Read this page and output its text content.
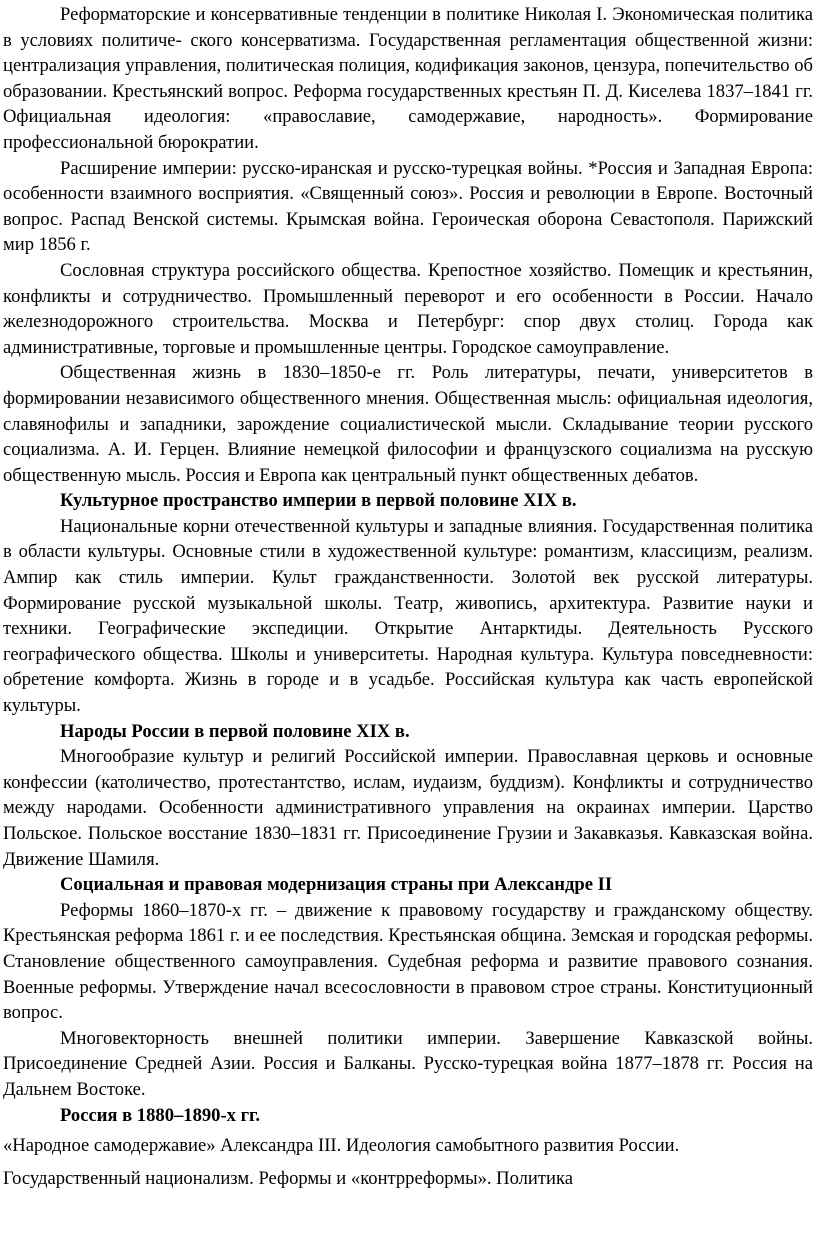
Реформаторские и консервативные тенденции в политике Николая I. Экономическая политика в условиях политиче- ского консерватизма. Государственная регламентация общественной жизни: централизация управления, политическая полиция, кодификация законов, цензура, попечительство об образовании. Крестьянский вопрос. Реформа государственных крестьян П. Д. Киселева 1837–1841 гг. Официальная идеология: «православие, самодержавие, народность». Формирование профессиональной бюрократии.

Расширение империи: русско-иранская и русско-турецкая войны. *Россия и Западная Европа: особенности взаимного восприятия. «Священный союз». Россия и революции в Европе. Восточный вопрос. Распад Венской системы. Крымская война. Героическая оборона Севастополя. Парижский мир 1856 г.

Сословная структура российского общества. Крепостное хозяйство. Помещик и крестьянин, конфликты и сотрудничество. Промышленный переворот и его особенности в России. Начало железнодорожного строительства. Москва и Петербург: спор двух столиц. Города как административные, торговые и промышленные центры. Городское самоуправление.

Общественная жизнь в 1830–1850-е гг. Роль литературы, печати, университетов в формировании независимого общественного мнения. Общественная мысль: официальная идеология, славянофилы и западники, зарождение социалистической мысли. Складывание теории русского социализма. А. И. Герцен. Влияние немецкой философии и французского социализма на русскую общественную мысль. Россия и Европа как центральный пункт общественных дебатов.

Культурное пространство империи в первой половине XIX в.

Национальные корни отечественной культуры и западные влияния. Государственная политика в области культуры. Основные стили в художественной культуре: романтизм, классицизм, реализм. Ампир как стиль империи. Культ гражданственности. Золотой век русской литературы. Формирование русской музыкальной школы. Театр, живопись, архитектура. Развитие науки и техники. Географические экспедиции. Открытие Антарктиды. Деятельность Русского географического общества. Школы и университеты. Народная культура. Культура повседневности: обретение комфорта. Жизнь в городе и в усадьбе. Российская культура как часть европейской культуры.

Народы России в первой половине XIX в.

Многообразие культур и религий Российской империи. Православная церковь и основные конфессии (католичество, протестантство, ислам, иудаизм, буддизм). Конфликты и сотрудничество между народами. Особенности административного управления на окраинах империи. Царство Польское. Польское восстание 1830–1831 гг. Присоединение Грузии и Закавказья. Кавказская война. Движение Шамиля.

Социальная и правовая модернизация страны при Александре II

Реформы 1860–1870-х гг. – движение к правовому государству и гражданскому обществу. Крестьянская реформа 1861 г. и ее последствия. Крестьянская община. Земская и городская реформы. Становление общественного самоуправления. Судебная реформа и развитие правового сознания. Военные реформы. Утверждение начал всесословности в правовом строе страны. Конституционный вопрос.

Многовекторность внешней политики империи. Завершение Кавказской войны. Присоединение Средней Азии. Россия и Балканы. Русско-турецкая война 1877–1878 гг. Россия на Дальнем Востоке.

Россия в 1880–1890-х гг.

«Народное самодержавие» Александра III. Идеология самобытного развития России.

Государственный национализм. Реформы и «контрреформы». Политика
